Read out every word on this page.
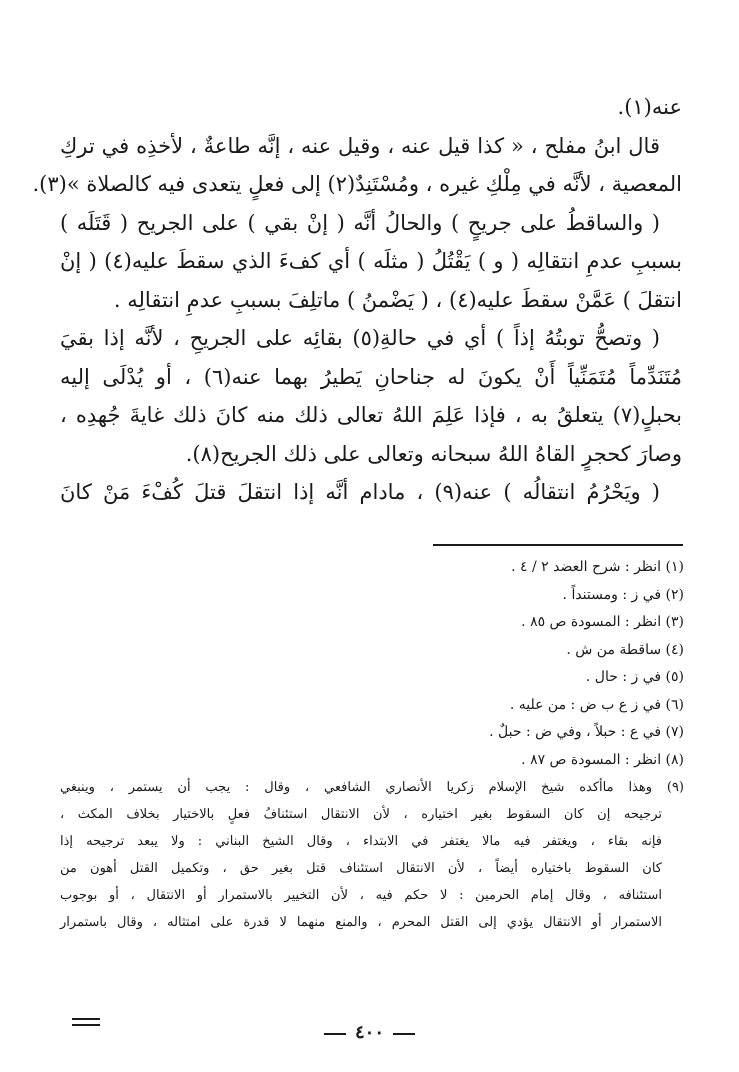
عنه(١).

قال ابنُ مفلح ، « كذا قيل عنه ، وقيل عنه ، إنَّه طاعةٌ ، لأخذِه في تركِ

المعصية ، لأنَّه في مِلْكِ غيره ، ومُسْتَنِدٌ(٢) إلى فعلٍ يتعدى فيه كالصلاة »(٣).

( والساقطُ على جريحٍ ) والحالُ أنَّه ( إنْ بقي ) على الجريح ( قَتَلَه )

بسببِ عدمِ انتقالِه ( و ) يَقْتُلُ ( مثلَه ) أي كفءَ الذي سقطَ عليه(٤) ( إنْ

انتقلَ ) عَمَّنْ سقطَ عليه(٤) ، ( يَضْمنُ ) ماتلِفَ بسببِ عدمِ انتقالِه .

( وتصحُّ توبتُهُ إذاً ) أي في حالةِ(٥) بقائِه على الجريحِ ، لأنَّه إذا بقيَ

مُتَنَدِّماً مُتَمَنِّياً أَنْ يكونَ له جناحانِ يَطيرُ بهما عنه(٦) ، أو يُدْلَى إليه

بحبلٍ(٧) يتعلقُ به ، فإذا عَلِمَ اللهُ تعالى ذلك منه كانَ ذلك غايةَ جُهدِه ،

وصارَ كحجرٍ القاهُ اللهُ سبحانه وتعالى على ذلك الجريح(٨).

( ويَحْرُمُ انتقالُه ) عنه(٩) ، مادام أنَّه إذا انتقلَ قتلَ كُفْءَ مَنْ كانَ

(١) انظر : شرح العضد ٢ / ٤ .

(٢) في ز : ومستنداً .

(٣) انظر : المسودة ص ٨٥ .

(٤) ساقطة من ش .

(٥) في ز : حال .

(٦) في ز ع ب ض : من عليه .

(٧) في ع : حبلاً ، وفي ض : حبلٌ .

(٨) انظر : المسودة ص ٨٧ .

(٩) وهذا ماأكده شيخ الإسلام زكريا الأنصاري الشافعي ، وقال : يجب أن يستمر ، وينبغي

ترجيحه إن كان السقوط بغير اختياره ، لأن الانتقال استئنافُ فعلٍ بالاختيار بخلاف المكث ،

فإنه بقاء ، ويغتفر فيه مالا يغتفر في الابتداء ، وقال الشيخ البناني : ولا يبعد ترجيحه إذا

كان السقوط باختياره أيضاً ، لأن الانتقال استئناف قتل بغير حق ، وتكميل القتل أهون من

استئنافه ، وقال إمام الحرمين : لا حكم فيه ، لأن التخيير بالاستمرار أو الانتقال ، أو بوجوب

الاستمرار أو الانتقال يؤدي إلى القتل المحرم ، والمنع منهما لا قدرة على امتثاله ، وقال باستمرار

٤٠٠
